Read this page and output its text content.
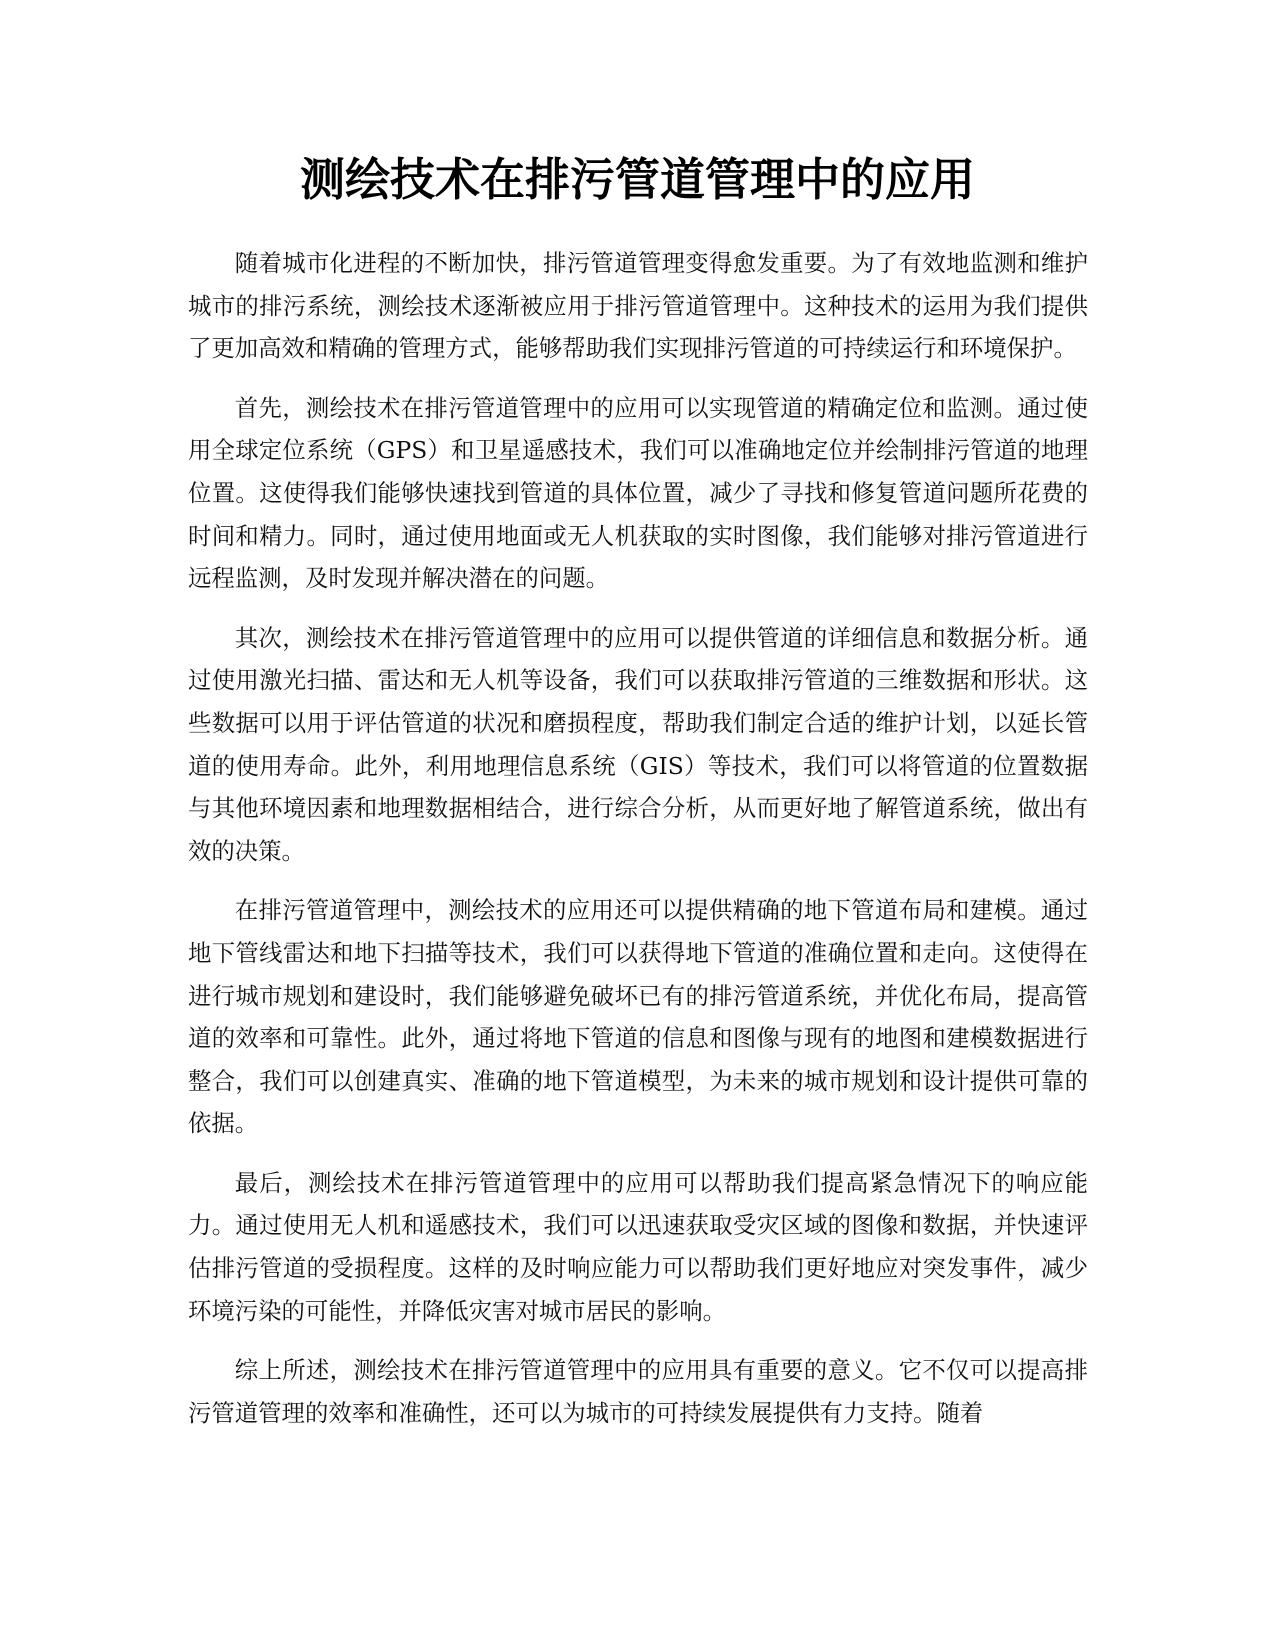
测绘技术在排污管道管理中的应用

随着城市化进程的不断加快，排污管道管理变得愈发重要。为了有效地监测和维护城市的排污系统，测绘技术逐渐被应用于排污管道管理中。这种技术的运用为我们提供了更加高效和精确的管理方式，能够帮助我们实现排污管道的可持续运行和环境保护。

首先，测绘技术在排污管道管理中的应用可以实现管道的精确定位和监测。通过使用全球定位系统（GPS）和卫星遥感技术，我们可以准确地定位并绘制排污管道的地理位置。这使得我们能够快速找到管道的具体位置，减少了寻找和修复管道问题所花费的时间和精力。同时，通过使用地面或无人机获取的实时图像，我们能够对排污管道进行远程监测，及时发现并解决潜在的问题。

其次，测绘技术在排污管道管理中的应用可以提供管道的详细信息和数据分析。通过使用激光扫描、雷达和无人机等设备，我们可以获取排污管道的三维数据和形状。这些数据可以用于评估管道的状况和磨损程度，帮助我们制定合适的维护计划，以延长管道的使用寿命。此外，利用地理信息系统（GIS）等技术，我们可以将管道的位置数据与其他环境因素和地理数据相结合，进行综合分析，从而更好地了解管道系统，做出有效的决策。

在排污管道管理中，测绘技术的应用还可以提供精确的地下管道布局和建模。通过地下管线雷达和地下扫描等技术，我们可以获得地下管道的准确位置和走向。这使得在进行城市规划和建设时，我们能够避免破坏已有的排污管道系统，并优化布局，提高管道的效率和可靠性。此外，通过将地下管道的信息和图像与现有的地图和建模数据进行整合，我们可以创建真实、准确的地下管道模型，为未来的城市规划和设计提供可靠的依据。

最后，测绘技术在排污管道管理中的应用可以帮助我们提高紧急情况下的响应能力。通过使用无人机和遥感技术，我们可以迅速获取受灾区域的图像和数据，并快速评估排污管道的受损程度。这样的及时响应能力可以帮助我们更好地应对突发事件，减少环境污染的可能性，并降低灾害对城市居民的影响。

综上所述，测绘技术在排污管道管理中的应用具有重要的意义。它不仅可以提高排污管道管理的效率和准确性，还可以为城市的可持续发展提供有力支持。随着
